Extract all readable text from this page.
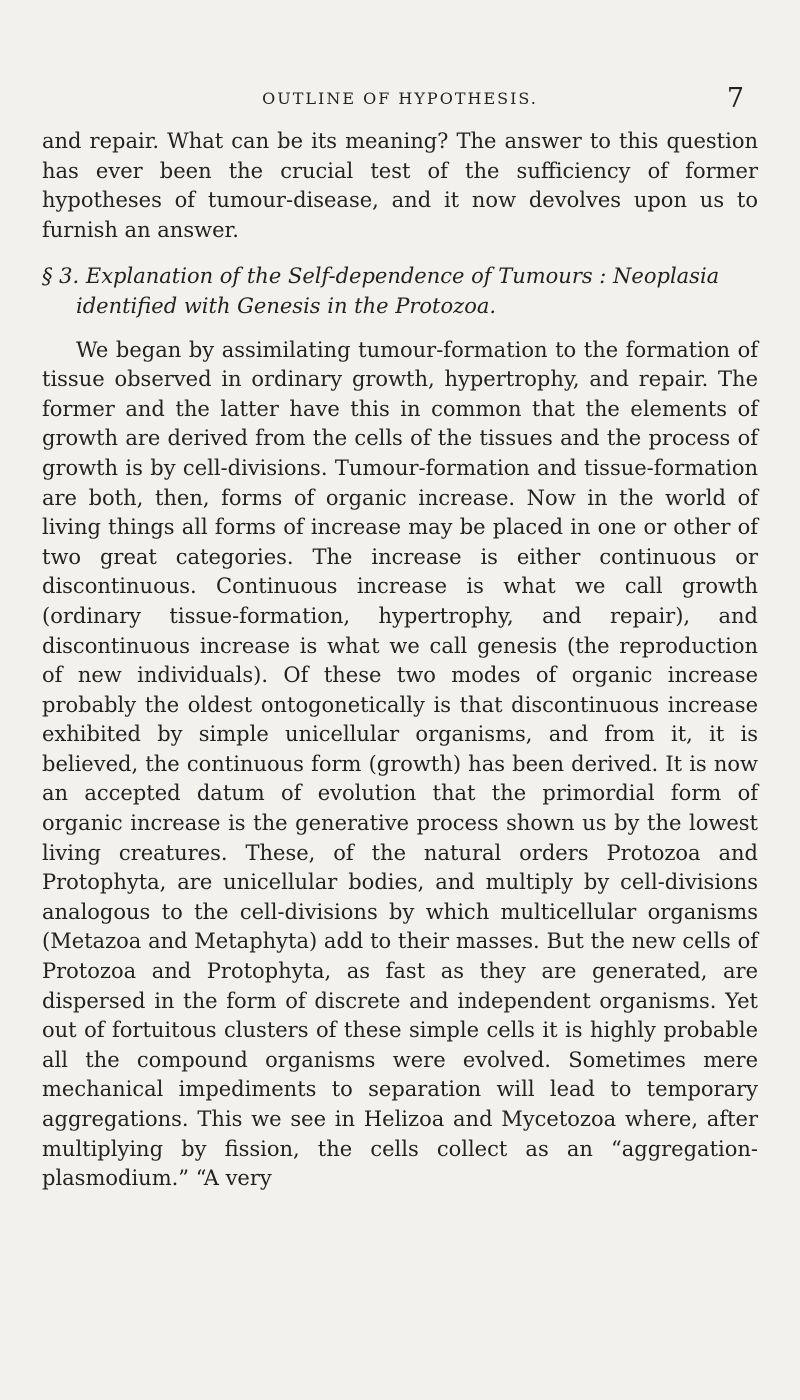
OUTLINE OF HYPOTHESIS.	7

and repair. What can be its meaning? The answer to this question has ever been the crucial test of the sufficiency of former hypotheses of tumour-disease, and it now devolves upon us to furnish an answer.

§ 3. Explanation of the Self-dependence of Tumours : Neoplasia identified with Genesis in the Protozoa.

We began by assimilating tumour-formation to the formation of tissue observed in ordinary growth, hypertrophy, and repair. The former and the latter have this in common that the elements of growth are derived from the cells of the tissues and the process of growth is by cell-divisions. Tumour-formation and tissue-formation are both, then, forms of organic increase. Now in the world of living things all forms of increase may be placed in one or other of two great categories. The increase is either continuous or discontinuous. Continuous increase is what we call growth (ordinary tissue-formation, hypertrophy, and repair), and discontinuous increase is what we call genesis (the reproduction of new individuals). Of these two modes of organic increase probably the oldest ontogonetically is that discontinuous increase exhibited by simple unicellular organisms, and from it, it is believed, the continuous form (growth) has been derived. It is now an accepted datum of evolution that the primordial form of organic increase is the generative process shown us by the lowest living creatures. These, of the natural orders Protozoa and Protophyta, are unicellular bodies, and multiply by cell-divisions analogous to the cell-divisions by which multicellular organisms (Metazoa and Metaphyta) add to their masses. But the new cells of Protozoa and Protophyta, as fast as they are generated, are dispersed in the form of discrete and independent organisms. Yet out of fortuitous clusters of these simple cells it is highly probable all the compound organisms were evolved. Sometimes mere mechanical impediments to separation will lead to temporary aggregations. This we see in Helizoa and Mycetozoa where, after multiplying by fission, the cells collect as an “aggregation-plasmodium.” “A very
